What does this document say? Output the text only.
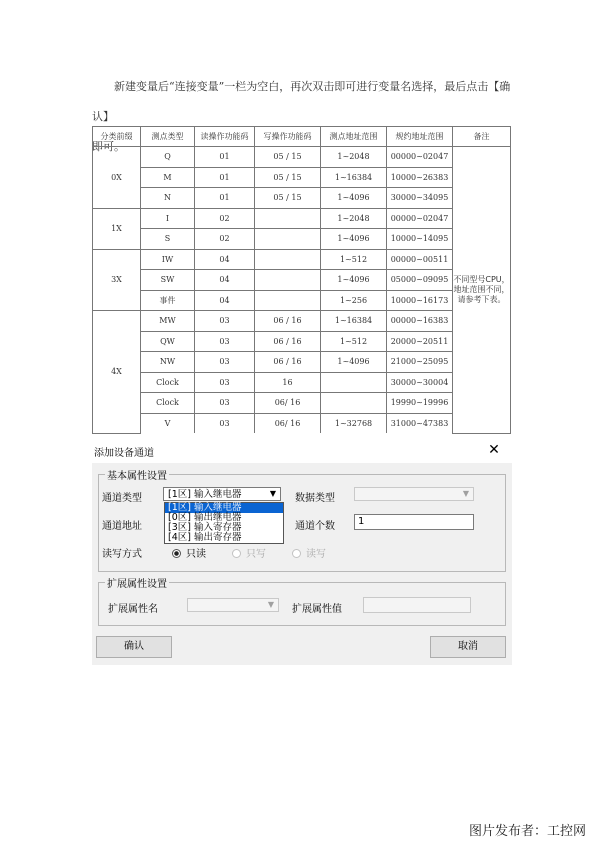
新建变量后“连接变量”一栏为空白，再次双击即可进行变量名选择，最后点击【确认】
即可。
分类前缀	测点类型	读操作功能码	写操作功能码	测点地址范围	规约地址范围	备注
0X	Q	01	05 / 15	1~2048	00000~02047	不同型号CPU，地址范围不同，请参考下表。
	M	01	05 / 15	1~16384	10000~26383	
	N	01	05 / 15	1~4096	30000~34095	
1X	I	02		1~2048	00000~02047	
	S	02		1~4096	10000~14095	
3X	IW	04		1~512	00000~00511	
	SW	04		1~4096	05000~09095	
	事件	04		1~256	10000~16173	
4X	MW	03	06 / 16	1~16384	00000~16383	
	QW	03	06 / 16	1~512	20000~20511	
	NW	03	06 / 16	1~4096	21000~25095	
	Clock	03	16		30000~30004	
	Clock	03	06/ 16		19990~19996	
	V	03	06/ 16	1~32768	31000~47383	
添加设备通道	✕
基本属性设置
通道类型	[1区] 输入继电器	▼
[1区] 输入继电器
[0区] 输出继电器
[3区] 输入寄存器
[4区] 输出寄存器
数据类型	▼
通道地址	通道个数	1
读写方式	只读	只写	读写
扩展属性设置
扩展属性名	▼	扩展属性值
确认	取消
图片发布者：工控网
